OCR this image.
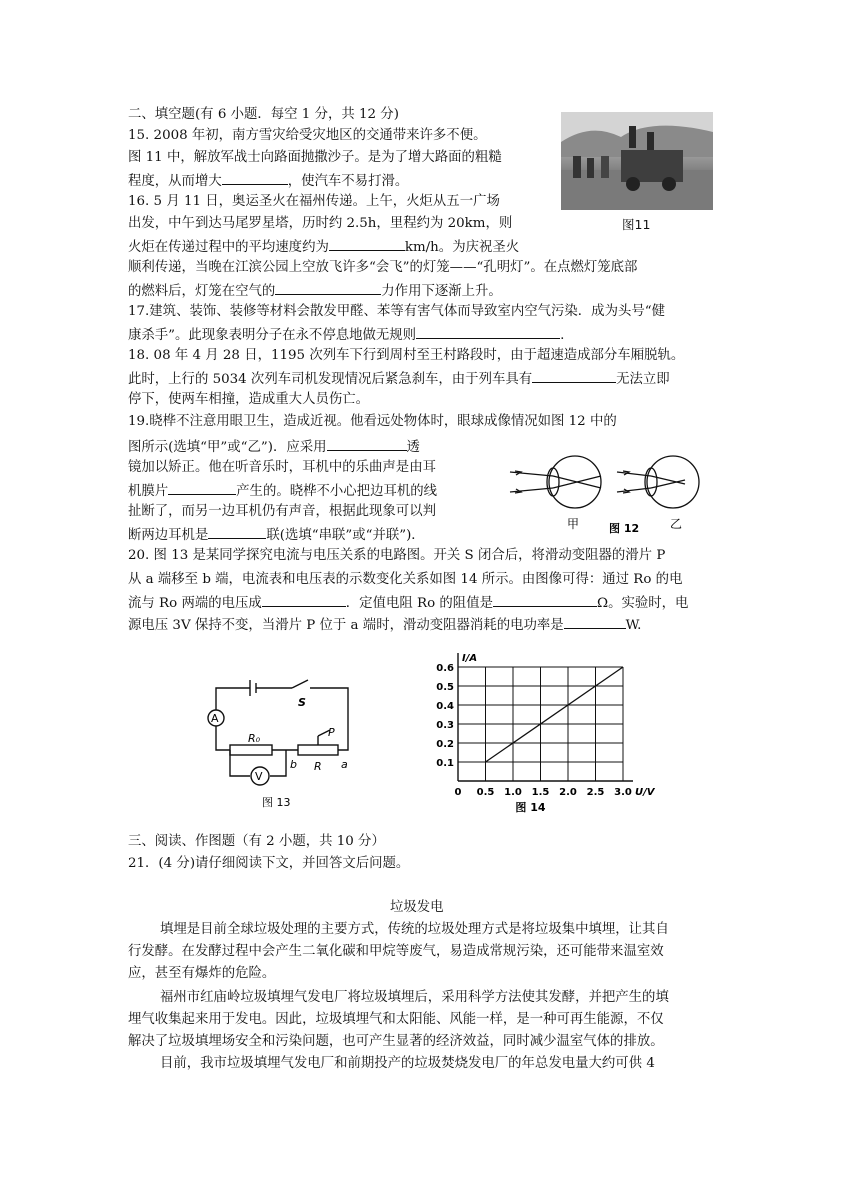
二、填空题(有 6 小题．每空 1 分，共 12 分)
15. 2008 年初，南方雪灾给受灾地区的交通带来许多不便。
图 11 中，解放军战士向路面抛撒沙子。是为了增大路面的粗糙
程度，从而增大	，使汽车不易打滑。
图11
16. 5 月 11 日，奥运圣火在福州传递。上午，火炬从五一广场
出发，中午到达马尾罗星塔，历时约 2.5h，里程约为 20km，则
火炬在传递过程中的平均速度约为	km/h。为庆祝圣火
顺利传递，当晚在江滨公园上空放飞许多“会飞”的灯笼——“孔明灯”。在点燃灯笼底部
的燃料后，灯笼在空气的	力作用下逐渐上升。
17.建筑、装饰、装修等材料会散发甲醛、苯等有害气体而导致室内空气污染．成为头号“健
康杀手”。此现象表明分子在永不停息地做无规则	.
18. 08 年 4 月 28 日，1195 次列车下行到周村至王村路段时，由于超速造成部分车厢脱轨。
此时，上行的 5034 次列车司机发现情况后紧急刹车，由于列车具有	无法立即
停下，使两车相撞，造成重大人员伤亡。
19.晓桦不注意用眼卫生，造成近视。他看远处物体时，眼球成像情况如图 12 中的
图所示(选填“甲”或“乙”)．应采用	透
镜加以矫正。他在听音乐时，耳机中的乐曲声是由耳
机膜片	产生的。晓桦不小心把边耳机的线
扯断了，而另一边耳机仍有声音，根据此现象可以判
断两边耳机是	联(选填“串联”或“并联”)．
甲	图 12	乙
20. 图 13 是某同学探究电流与电压关系的电路图。开关 S 闭合后，将滑动变阻器的滑片 P
从 a 端移至 b 端，电流表和电压表的示数变化关系如图 14 所示。由图像可得：通过 Ro 的电
流与 Ro 两端的电压成	．定值电阻 Ro 的阻值是	Ω。实验时，电
源电压 3V 保持不变，当滑片 P 位于 a 端时，滑动变阻器消耗的电功率是	W.
A
V
S
R₀	P
R
b	a
图 13
0 0.5 1.0 1.5 2.0 2.5 3.0
0.1
0.2
0.3
0.4
0.5
0.6
U/V
I/A
图 14
三、阅读、作图题（有 2 小题，共 10 分）
21．(4 分)请仔细阅读下文，并回答文后问题。
垃圾发电
填埋是目前全球垃圾处理的主要方式，传统的垃圾处理方式是将垃圾集中填埋，让其自
行发酵。在发酵过程中会产生二氧化碳和甲烷等废气，易造成常规污染，还可能带来温室效
应，甚至有爆炸的危险。
福州市红庙岭垃圾填埋气发电厂将垃圾填埋后，采用科学方法使其发酵，并把产生的填
埋气收集起来用于发电。因此，垃圾填埋气和太阳能、风能一样，是一种可再生能源，不仅
解决了垃圾填埋场安全和污染问题，也可产生显著的经济效益，同时减少温室气体的排放。
目前，我市垃圾填埋气发电厂和前期投产的垃圾焚烧发电厂的年总发电量大约可供 4
